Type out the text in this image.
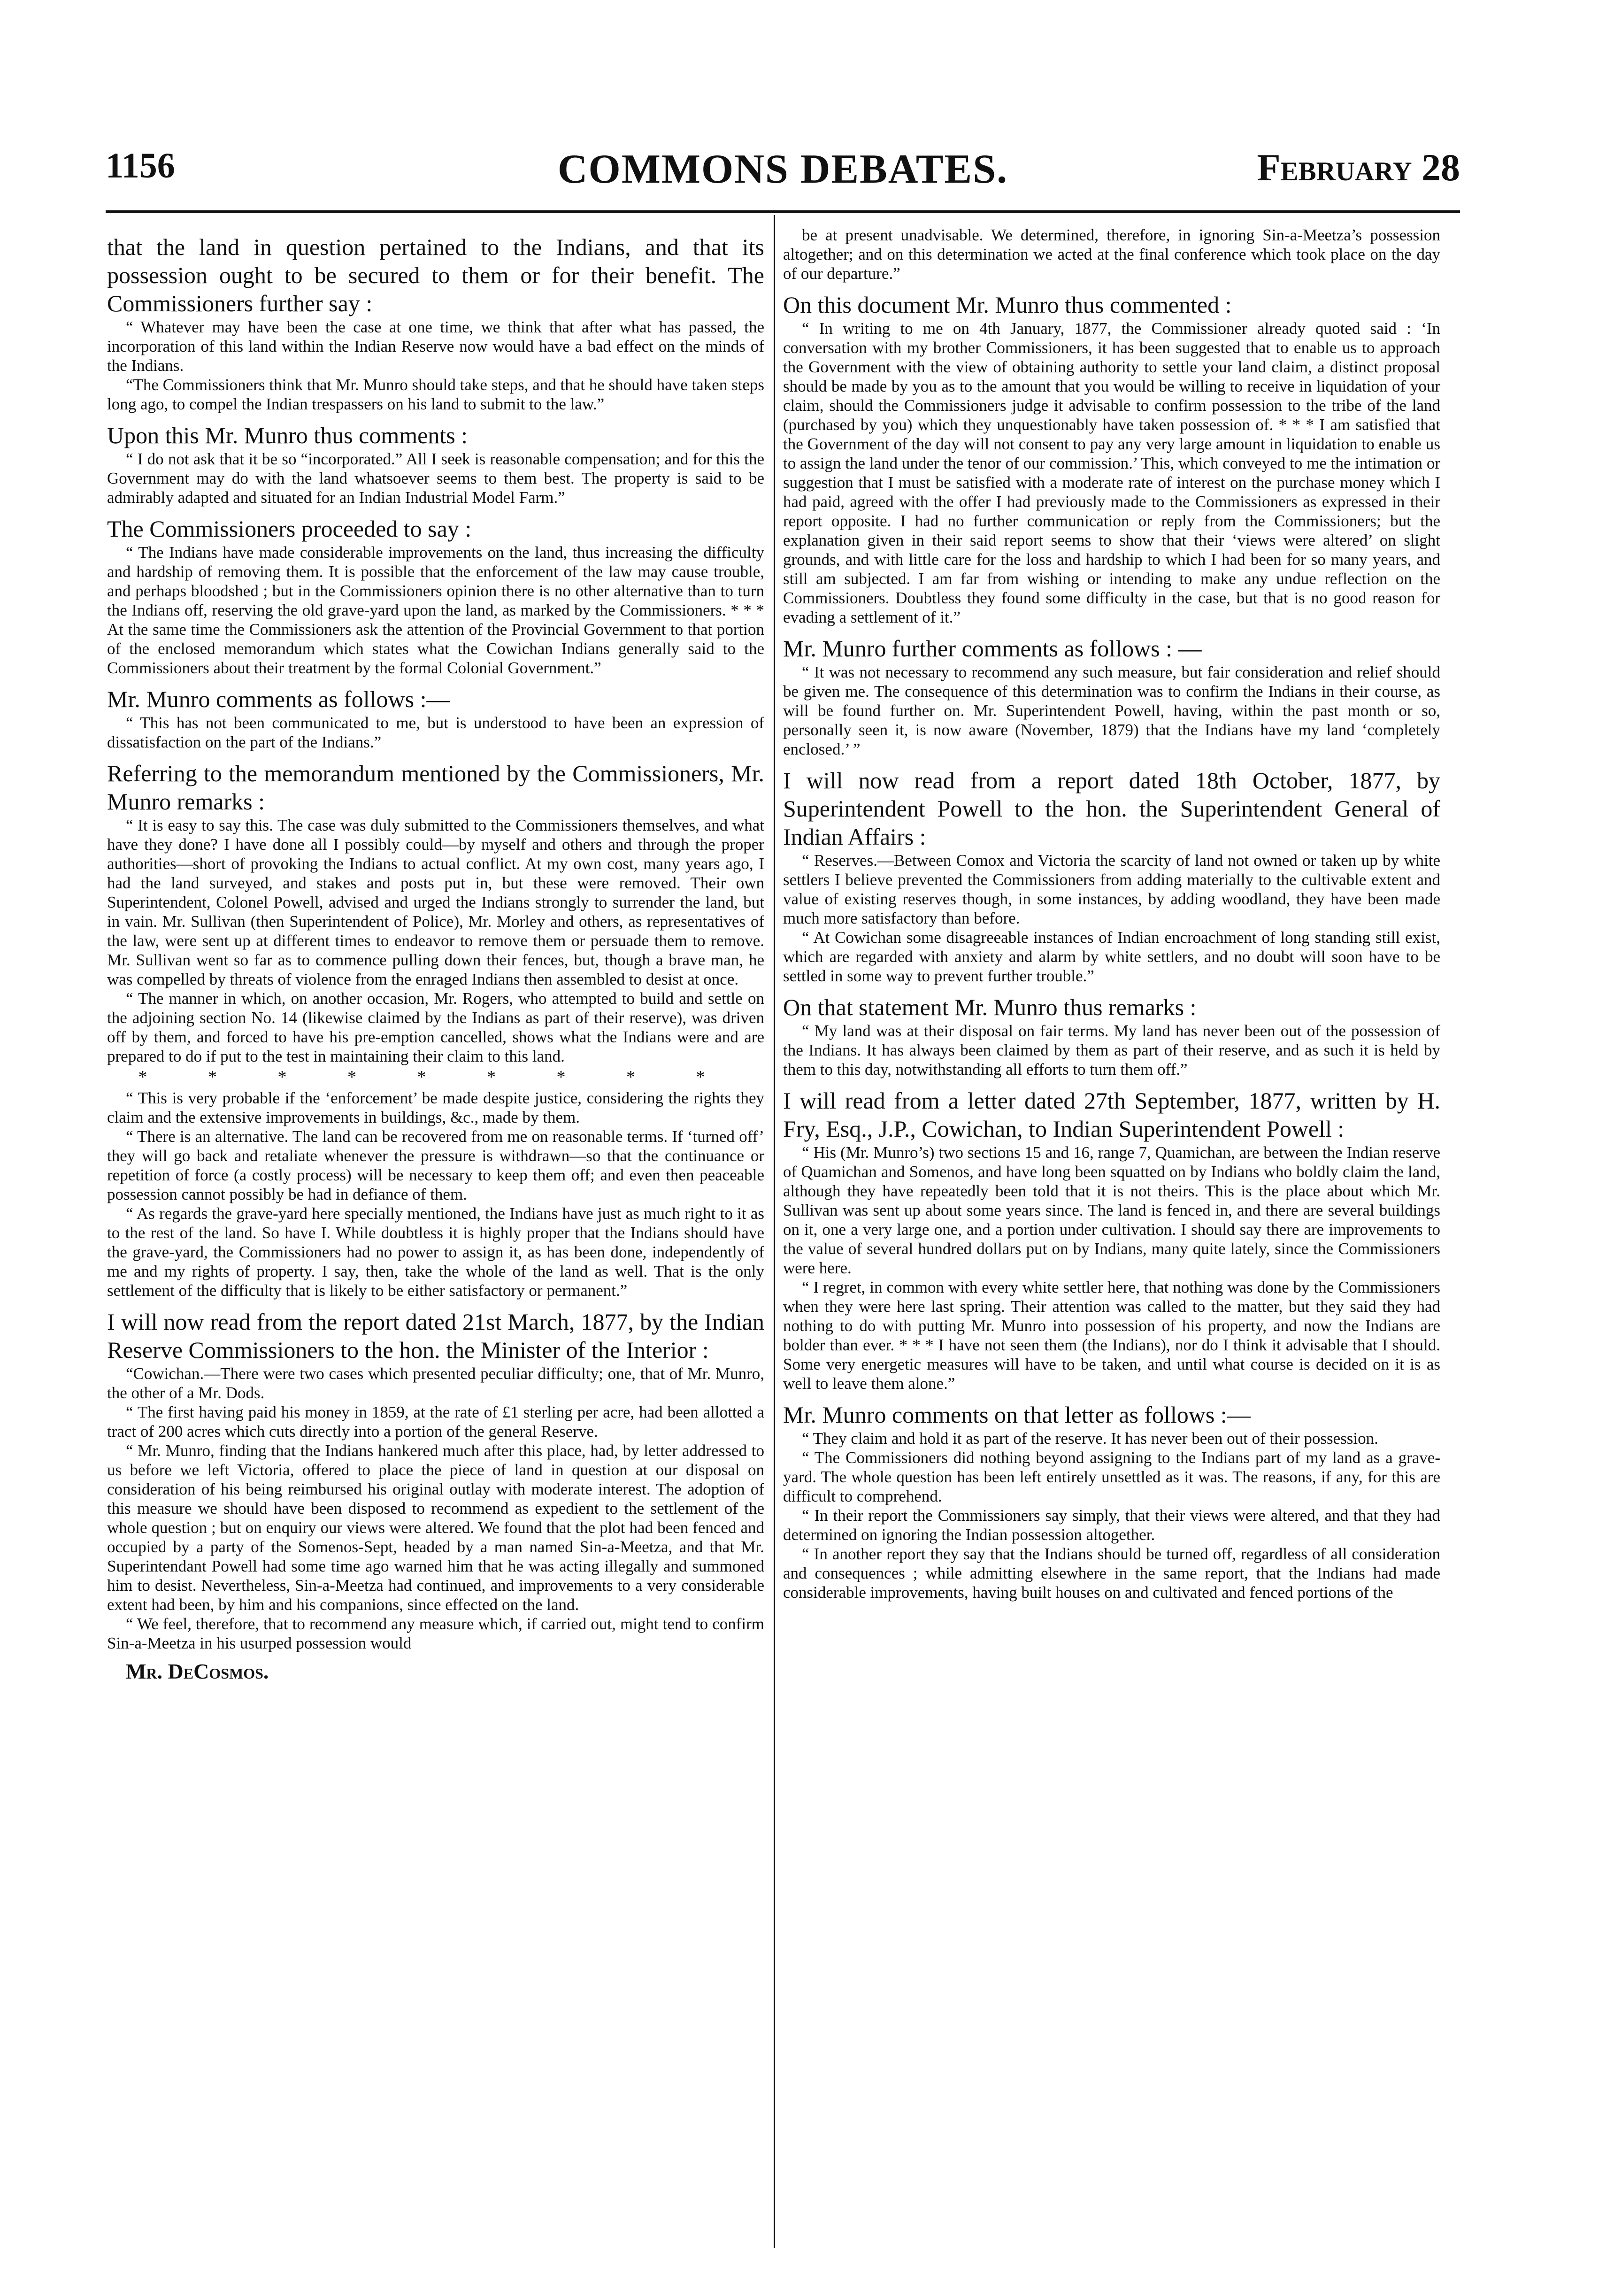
1156	COMMONS DEBATES.	February 28

that the land in question pertained to the Indians, and that its possession ought to be secured to them or for their benefit. The Commissioners further say :

“ Whatever may have been the case at one time, we think that after what has passed, the incorporation of this land within the Indian Reserve now would have a bad effect on the minds of the Indians.

“The Commissioners think that Mr. Munro should take steps, and that he should have taken steps long ago, to compel the Indian trespassers on his land to submit to the law.”

Upon this Mr. Munro thus comments :

“ I do not ask that it be so “incorporated.” All I seek is reasonable compensation; and for this the Government may do with the land whatsoever seems to them best. The property is said to be admirably adapted and situated for an Indian Industrial Model Farm.”

The Commissioners proceeded to say :

“ The Indians have made considerable improvements on the land, thus increasing the difficulty and hardship of removing them. It is possible that the enforcement of the law may cause trouble, and perhaps bloodshed ; but in the Commissioners opinion there is no other alternative than to turn the Indians off, reserving the old grave-yard upon the land, as marked by the Commissioners. * * * At the same time the Commissioners ask the attention of the Provincial Government to that portion of the enclosed memorandum which states what the Cowichan Indians generally said to the Commissioners about their treatment by the formal Colonial Government.”

Mr. Munro comments as follows :—

“ This has not been communicated to me, but is understood to have been an expression of dissatisfaction on the part of the Indians.”

Referring to the memorandum mentioned by the Commissioners, Mr. Munro remarks :

“ It is easy to say this. The case was duly submitted to the Commissioners themselves, and what have they done? I have done all I possibly could—by myself and others and through the proper authorities—short of provoking the Indians to actual conflict. At my own cost, many years ago, I had the land surveyed, and stakes and posts put in, but these were removed. Their own Superintendent, Colonel Powell, advised and urged the Indians strongly to surrender the land, but in vain. Mr. Sullivan (then Superintendent of Police), Mr. Morley and others, as representatives of the law, were sent up at different times to endeavor to remove them or persuade them to remove. Mr. Sullivan went so far as to commence pulling down their fences, but, though a brave man, he was compelled by threats of violence from the enraged Indians then assembled to desist at once.

“ The manner in which, on another occasion, Mr. Rogers, who attempted to build and settle on the adjoining section No. 14 (likewise claimed by the Indians as part of their reserve), was driven off by them, and forced to have his pre-emption cancelled, shows what the Indians were and are prepared to do if put to the test in maintaining their claim to this land.

* * * * * * * * *

“ This is very probable if the ‘enforcement’ be made despite justice, considering the rights they claim and the extensive improvements in buildings, &c., made by them.

“ There is an alternative. The land can be recovered from me on reasonable terms. If ‘turned off’ they will go back and retaliate whenever the pressure is withdrawn—so that the continuance or repetition of force (a costly process) will be necessary to keep them off; and even then peaceable possession cannot possibly be had in defiance of them.

“ As regards the grave-yard here specially mentioned, the Indians have just as much right to it as to the rest of the land. So have I. While doubtless it is highly proper that the Indians should have the grave-yard, the Commissioners had no power to assign it, as has been done, independently of me and my rights of property. I say, then, take the whole of the land as well. That is the only settlement of the difficulty that is likely to be either satisfactory or permanent.”

I will now read from the report dated 21st March, 1877, by the Indian Reserve Commissioners to the hon. the Minister of the Interior :

“Cowichan.—There were two cases which presented peculiar difficulty; one, that of Mr. Munro, the other of a Mr. Dods.

“ The first having paid his money in 1859, at the rate of £1 sterling per acre, had been allotted a tract of 200 acres which cuts directly into a portion of the general Reserve.

“ Mr. Munro, finding that the Indians hankered much after this place, had, by letter addressed to us before we left Victoria, offered to place the piece of land in question at our disposal on consideration of his being reimbursed his original outlay with moderate interest. The adoption of this measure we should have been disposed to recommend as expedient to the settlement of the whole question ; but on enquiry our views were altered. We found that the plot had been fenced and occupied by a party of the Somenos-Sept, headed by a man named Sin-a-Meetza, and that Mr. Superintendant Powell had some time ago warned him that he was acting illegally and summoned him to desist. Nevertheless, Sin-a-Meetza had continued, and improvements to a very considerable extent had been, by him and his companions, since effected on the land.

“ We feel, therefore, that to recommend any measure which, if carried out, might tend to confirm Sin-a-Meetza in his usurped possession would

Mr. DeCosmos.

be at present unadvisable. We determined, therefore, in ignoring Sin-a-Meetza’s possession altogether; and on this determination we acted at the final conference which took place on the day of our departure.”

On this document Mr. Munro thus commented :

“ In writing to me on 4th January, 1877, the Commissioner already quoted said : ‘In conversation with my brother Commissioners, it has been suggested that to enable us to approach the Government with the view of obtaining authority to settle your land claim, a distinct proposal should be made by you as to the amount that you would be willing to receive in liquidation of your claim, should the Commissioners judge it advisable to confirm possession to the tribe of the land (purchased by you) which they unquestionably have taken possession of. * * * I am satisfied that the Government of the day will not consent to pay any very large amount in liquidation to enable us to assign the land under the tenor of our commission.’ This, which conveyed to me the intimation or suggestion that I must be satisfied with a moderate rate of interest on the purchase money which I had paid, agreed with the offer I had previously made to the Commissioners as expressed in their report opposite. I had no further communication or reply from the Commissioners; but the explanation given in their said report seems to show that their ‘views were altered’ on slight grounds, and with little care for the loss and hardship to which I had been for so many years, and still am subjected. I am far from wishing or intending to make any undue reflection on the Commissioners. Doubtless they found some difficulty in the case, but that is no good reason for evading a settlement of it.”

Mr. Munro further comments as follows : —

“ It was not necessary to recommend any such measure, but fair consideration and relief should be given me. The consequence of this determination was to confirm the Indians in their course, as will be found further on. Mr. Superintendent Powell, having, within the past month or so, personally seen it, is now aware (November, 1879) that the Indians have my land ‘completely enclosed.’ ”

I will now read from a report dated 18th October, 1877, by Superintendent Powell to the hon. the Superintendent General of Indian Affairs :

“ Reserves.—Between Comox and Victoria the scarcity of land not owned or taken up by white settlers I believe prevented the Commissioners from adding materially to the cultivable extent and value of existing reserves though, in some instances, by adding woodland, they have been made much more satisfactory than before.

“ At Cowichan some disagreeable instances of Indian encroachment of long standing still exist, which are regarded with anxiety and alarm by white settlers, and no doubt will soon have to be settled in some way to prevent further trouble.”

On that statement Mr. Munro thus remarks :

“ My land was at their disposal on fair terms. My land has never been out of the possession of the Indians. It has always been claimed by them as part of their reserve, and as such it is held by them to this day, notwithstanding all efforts to turn them off.”

I will read from a letter dated 27th September, 1877, written by H. Fry, Esq., J.P., Cowichan, to Indian Superintendent Powell :

“ His (Mr. Munro’s) two sections 15 and 16, range 7, Quamichan, are between the Indian reserve of Quamichan and Somenos, and have long been squatted on by Indians who boldly claim the land, although they have repeatedly been told that it is not theirs. This is the place about which Mr. Sullivan was sent up about some years since. The land is fenced in, and there are several buildings on it, one a very large one, and a portion under cultivation. I should say there are improvements to the value of several hundred dollars put on by Indians, many quite lately, since the Commissioners were here.

“ I regret, in common with every white settler here, that nothing was done by the Commissioners when they were here last spring. Their attention was called to the matter, but they said they had nothing to do with putting Mr. Munro into possession of his property, and now the Indians are bolder than ever. * * * I have not seen them (the Indians), nor do I think it advisable that I should. Some very energetic measures will have to be taken, and until what course is decided on it is as well to leave them alone.”

Mr. Munro comments on that letter as follows :—

“ They claim and hold it as part of the reserve. It has never been out of their possession.

“ The Commissioners did nothing beyond assigning to the Indians part of my land as a grave-yard. The whole question has been left entirely unsettled as it was. The reasons, if any, for this are difficult to comprehend.

“ In their report the Commissioners say simply, that their views were altered, and that they had determined on ignoring the Indian possession altogether.

“ In another report they say that the Indians should be turned off, regardless of all consideration and consequences ; while admitting elsewhere in the same report, that the Indians had made considerable improvements, having built houses on and cultivated and fenced portions of the
